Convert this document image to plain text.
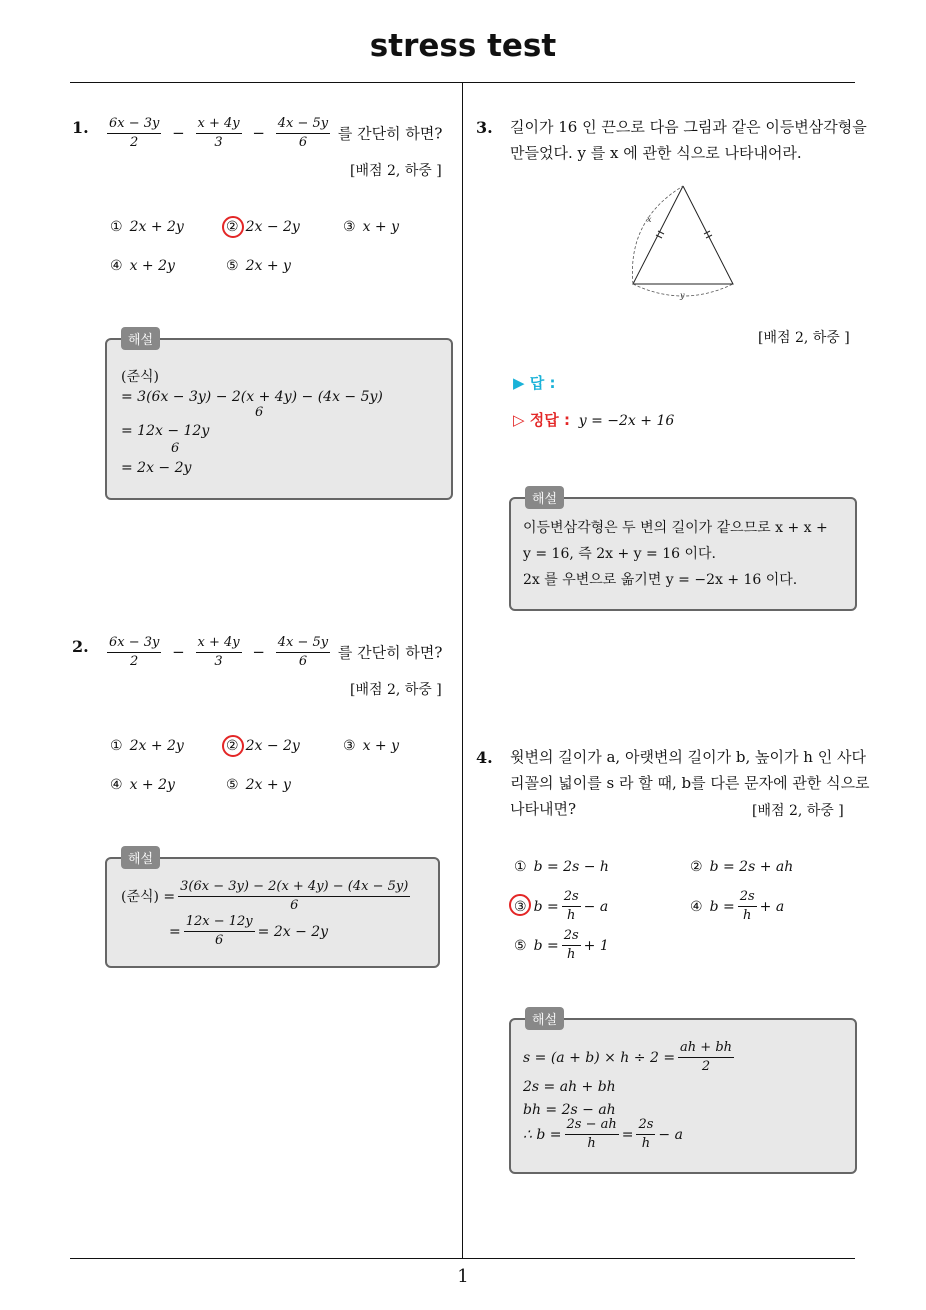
stress test
1
1. $\frac{6x - 3y}{2} - \frac{x + 4y}{3} - \frac{4x - 5y}{6}$ 를 간단히 하면?
[배점 2, 하중 ]
① 2x + 2y	② 2x − 2y	③ x + y
④ x + 2y	⑤ 2x + y
해설
(준식)
= 3(6x − 3y) − 2(x + 4y) − (4x − 5y)
6
= 12x − 12y
6
= 2x − 2y
2. $\frac{6x - 3y}{2} - \frac{x + 4y}{3} - \frac{4x - 5y}{6}$ 를 간단히 하면?
[배점 2, 하중 ]
① 2x + 2y	② 2x − 2y	③ x + y
④ x + 2y	⑤ 2x + y
해설
(준식) = $\frac{3(6x - 3y) - 2(x + 4y) - (4x - 5y)}{6}$
= $\frac{12x - 12y}{6} = 2x - 2y$
3. 길이가 16 인 끈으로 다음 그림과 같은 이등변삼각형을
만들었다. y 를 x 에 관한 식으로 나타내어라.
x
y
[배점 2, 하중 ]
▶ 답 :
▷ 정답 : y = −2x + 16
해설
이등변삼각형은 두 변의 길이가 같으므로 x + x +
y = 16, 즉 2x + y = 16 이다.
2x 를 우변으로 옮기면 y = −2x + 16 이다.
4. 윗변의 길이가 a, 아랫변의 길이가 b, 높이가 h 인 사다
리꼴의 넓이를 s 라 할 때, b를 다른 문자에 관한 식으로
나타내면?	[배점 2, 하중 ]
① b = 2s − h	② b = 2s + ah
③ $b = \frac{2s}{h} - a$	④ $b = \frac{2s}{h} + a$
⑤ $b = \frac{2s}{h} + 1$
해설
$s = (a + b) \times h \div 2 = \frac{ah + bh}{2}$
2s = ah + bh
bh = 2s − ah
∴ $b = \frac{2s - ah}{h} = \frac{2s}{h} - a$
